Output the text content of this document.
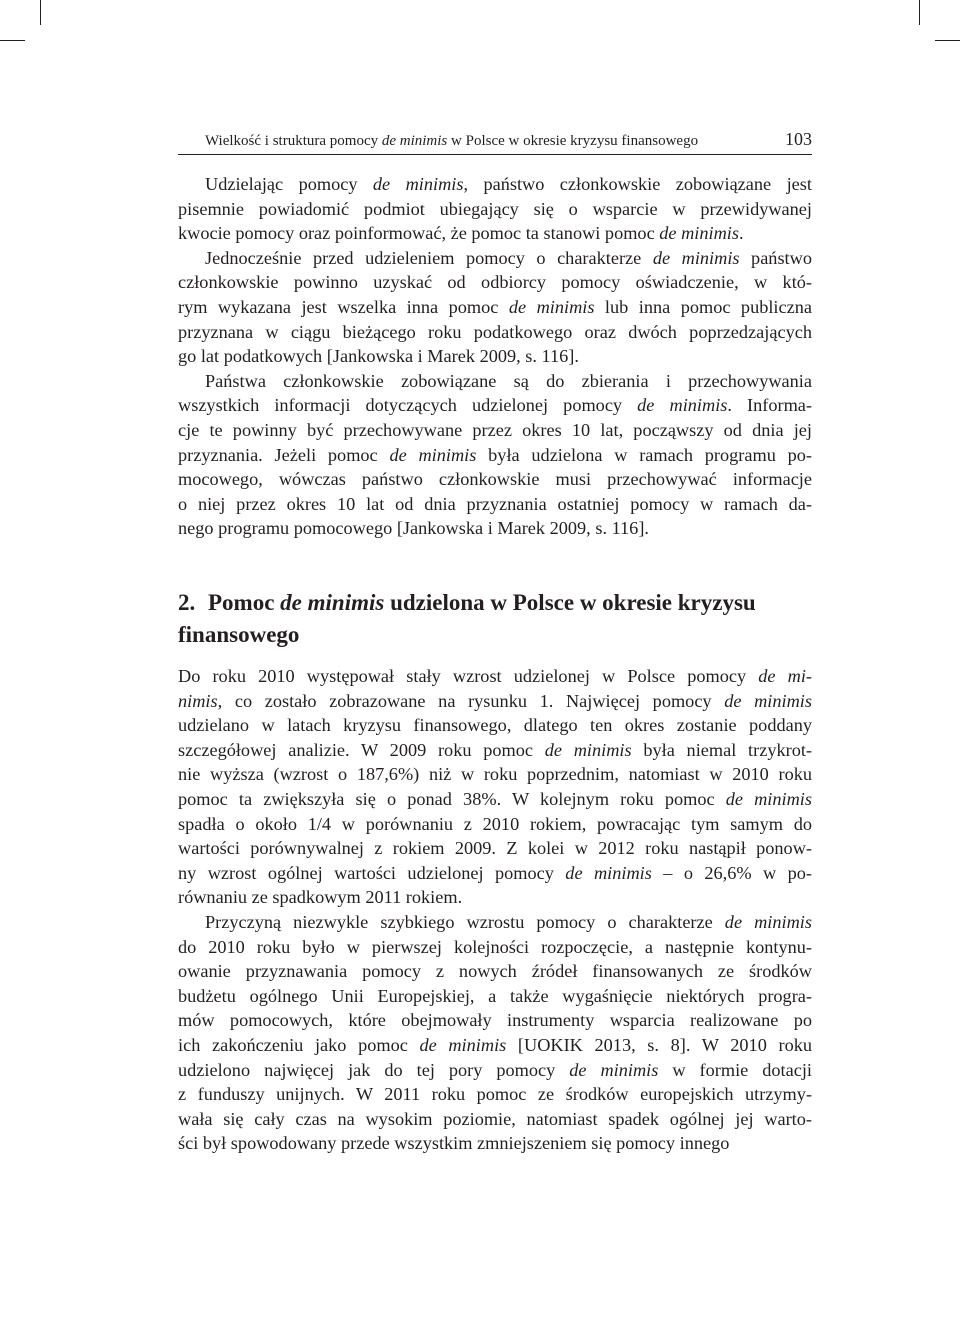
Wielkość i struktura pomocy de minimis w Polsce w okresie kryzysu finansowego	103
Udzielając pomocy de minimis, państwo członkowskie zobowiązane jest
pisemnie powiadomić podmiot ubiegający się o wsparcie w przewidywanej
kwocie pomocy oraz poinformować, że pomoc ta stanowi pomoc de minimis.
Jednocześnie przed udzieleniem pomocy o charakterze de minimis państwo
członkowskie powinno uzyskać od odbiorcy pomocy oświadczenie, w któ-
rym wykazana jest wszelka inna pomoc de minimis lub inna pomoc publiczna
przyznana w ciągu bieżącego roku podatkowego oraz dwóch poprzedzających
go lat podatkowych [Jankowska i Marek 2009, s. 116].
Państwa członkowskie zobowiązane są do zbierania i przechowywania
wszystkich informacji dotyczących udzielonej pomocy de minimis. Informa-
cje te powinny być przechowywane przez okres 10 lat, począwszy od dnia jej
przyznania. Jeżeli pomoc de minimis była udzielona w ramach programu po-
mocowego, wówczas państwo członkowskie musi przechowywać informacje
o niej przez okres 10 lat od dnia przyznania ostatniej pomocy w ramach da-
nego programu pomocowego [Jankowska i Marek 2009, s. 116].
2. Pomoc de minimis udzielona w Polsce w okresie kryzysu
finansowego
Do roku 2010 występował stały wzrost udzielonej w Polsce pomocy de mi-
nimis, co zostało zobrazowane na rysunku 1. Najwięcej pomocy de minimis
udzielano w latach kryzysu finansowego, dlatego ten okres zostanie poddany
szczegółowej analizie. W 2009 roku pomoc de minimis była niemal trzykrot-
nie wyższa (wzrost o 187,6%) niż w roku poprzednim, natomiast w 2010 roku
pomoc ta zwiększyła się o ponad 38%. W kolejnym roku pomoc de minimis
spadła o około 1/4 w porównaniu z 2010 rokiem, powracając tym samym do
wartości porównywalnej z rokiem 2009. Z kolei w 2012 roku nastąpił ponow-
ny wzrost ogólnej wartości udzielonej pomocy de minimis – o 26,6% w po-
równaniu ze spadkowym 2011 rokiem.
Przyczyną niezwykle szybkiego wzrostu pomocy o charakterze de minimis
do 2010 roku było w pierwszej kolejności rozpoczęcie, a następnie kontynu-
owanie przyznawania pomocy z nowych źródeł finansowanych ze środków
budżetu ogólnego Unii Europejskiej, a także wygaśnięcie niektórych progra-
mów pomocowych, które obejmowały instrumenty wsparcia realizowane po
ich zakończeniu jako pomoc de minimis [UOKIK 2013, s. 8]. W 2010 roku
udzielono najwięcej jak do tej pory pomocy de minimis w formie dotacji
z funduszy unijnych. W 2011 roku pomoc ze środków europejskich utrzymy-
wała się cały czas na wysokim poziomie, natomiast spadek ogólnej jej warto-
ści był spowodowany przede wszystkim zmniejszeniem się pomocy innego
